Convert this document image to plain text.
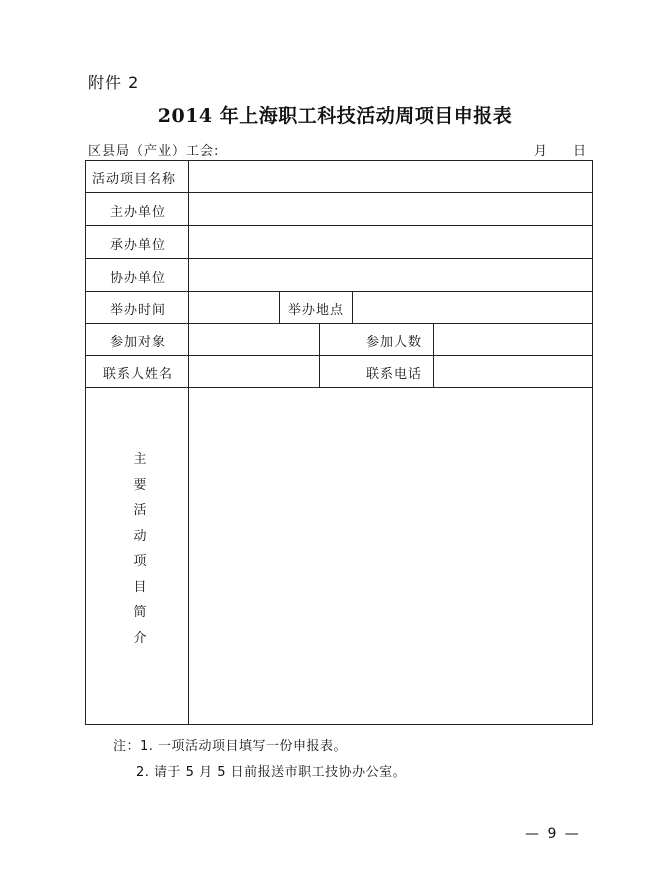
附件 2
2014 年上海职工科技活动周项目申报表
区县局（产业）工会:	月 日
活动项目名称
主办单位
承办单位
协办单位
举办时间	举办地点
参加对象	参加人数
联系人姓名	联系电话
主要活动项目简介
注：1. 一项活动项目填写一份申报表。
2. 请于 5 月 5 日前报送市职工技协办公室。
— 9 —
